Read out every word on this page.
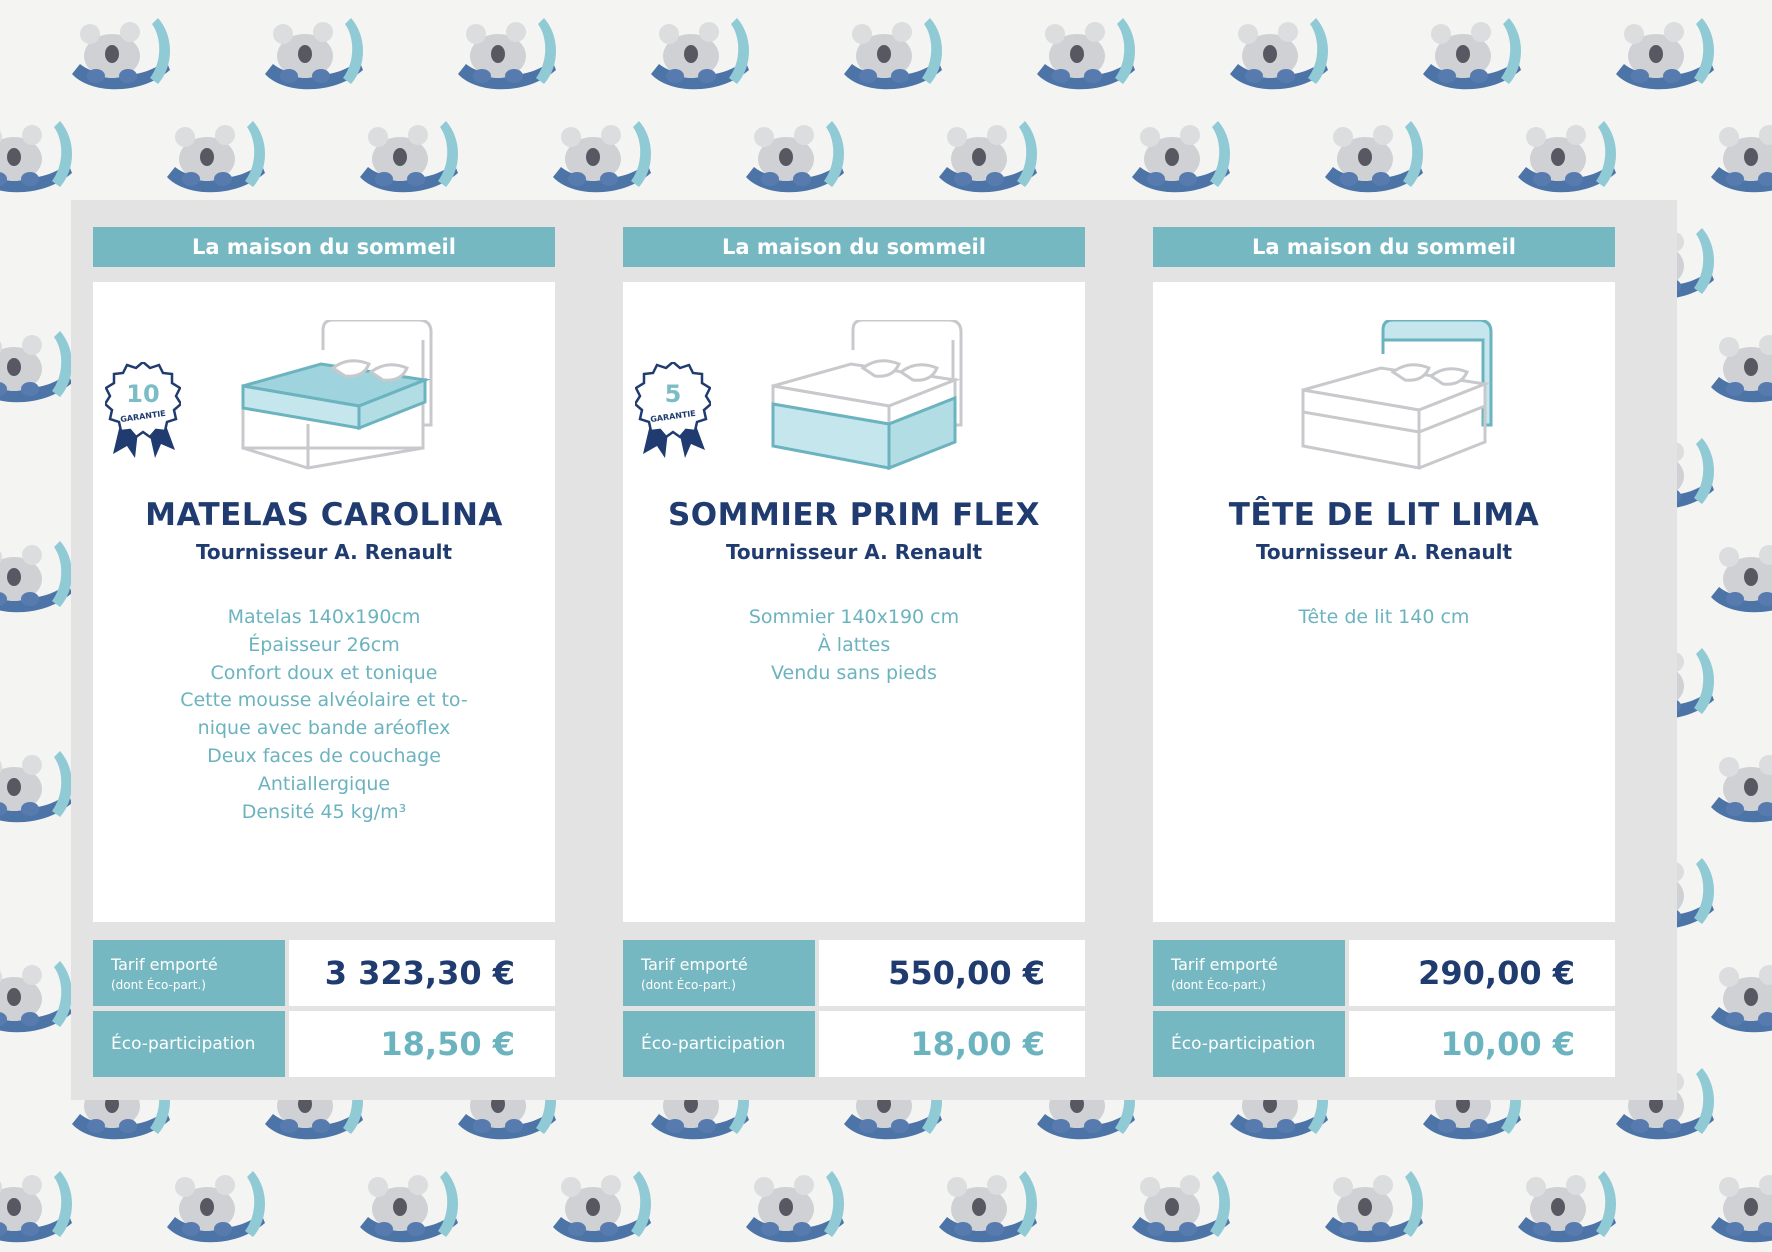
La maison du sommeil
10
GARANTIE
MATELAS CAROLINA
Tournisseur A. Renault
Matelas 140x190cm
Épaisseur 26cm
Confort doux et tonique
Cette mousse alvéolaire et to-
nique avec bande aréoflex
Deux faces de couchage
Antiallergique
Densité 45 kg/m³
Tarif emporté
(dont Éco-part.)	3 323,30 €
Éco-participation	18,50 €
La maison du sommeil
5
GARANTIE
SOMMIER PRIM FLEX
Tournisseur A. Renault
Sommier 140x190 cm
À lattes
Vendu sans pieds
Tarif emporté
(dont Éco-part.)	550,00 €
Éco-participation	18,00 €
La maison du sommeil
TÊTE DE LIT LIMA
Tournisseur A. Renault
Tête de lit 140 cm
Tarif emporté
(dont Éco-part.)	290,00 €
Éco-participation	10,00 €
